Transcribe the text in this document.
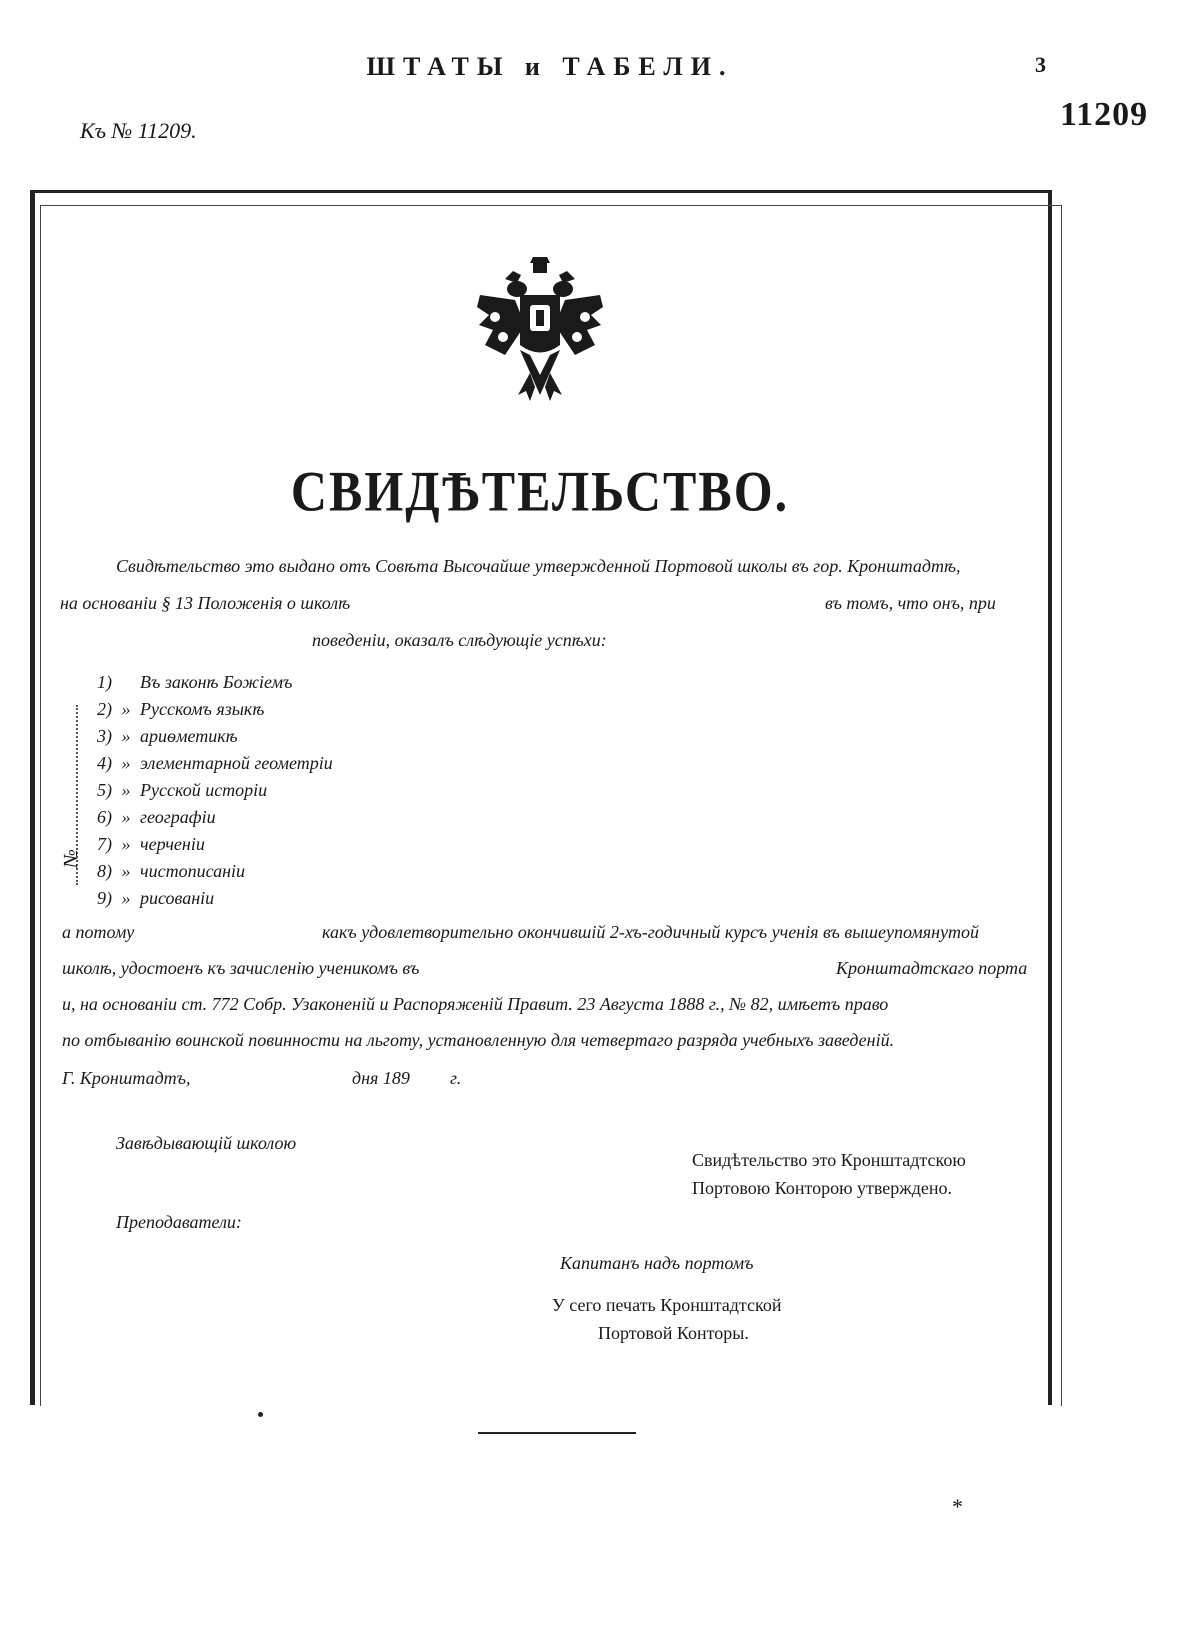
ШТАТЫ и ТАБЕЛИ.	3
Къ № 11209.	11209
СВИДѢТЕЛЬСТВО.
Свидѣтельство это выдано отъ Совѣта Высочайше утвержденной Портовой школы въ гор. Кронштадтѣ,
на основаніи § 13 Положенія о школѣ	въ томъ, что онъ, при
поведеніи, оказалъ слѣдующіе успѣхи:
№
1) Въ законѣ Божіемъ
2) » Русскомъ языкѣ
3) » ариѳметикѣ
4) » элементарной геометріи
5) » Русской исторіи
6) » географіи
7) » черченіи
8) » чистописаніи
9) » рисованіи
а потому	какъ удовлетворительно окончившій 2-хъ-годичный курсъ ученія въ вышеупомянутой
школѣ, удостоенъ къ зачисленію ученикомъ въ	Кронштадтскаго порта
и, на основаніи ст. 772 Собр. Узаконеній и Распоряженій Правит. 23 Августа 1888 г., № 82, имѣетъ право
по отбыванію воинской повинности на льготу, установленную для четвертаго разряда учебныхъ заведеній.
Г. Кронштадтъ,	дня 189 г.
Завѣдывающій школою
Свидѣтельство это Кронштадтскою
Портовою Конторою утверждено.
Преподаватели:
Капитанъ надъ портомъ
У сего печать Кронштадтской
Портовой Конторы.
*
